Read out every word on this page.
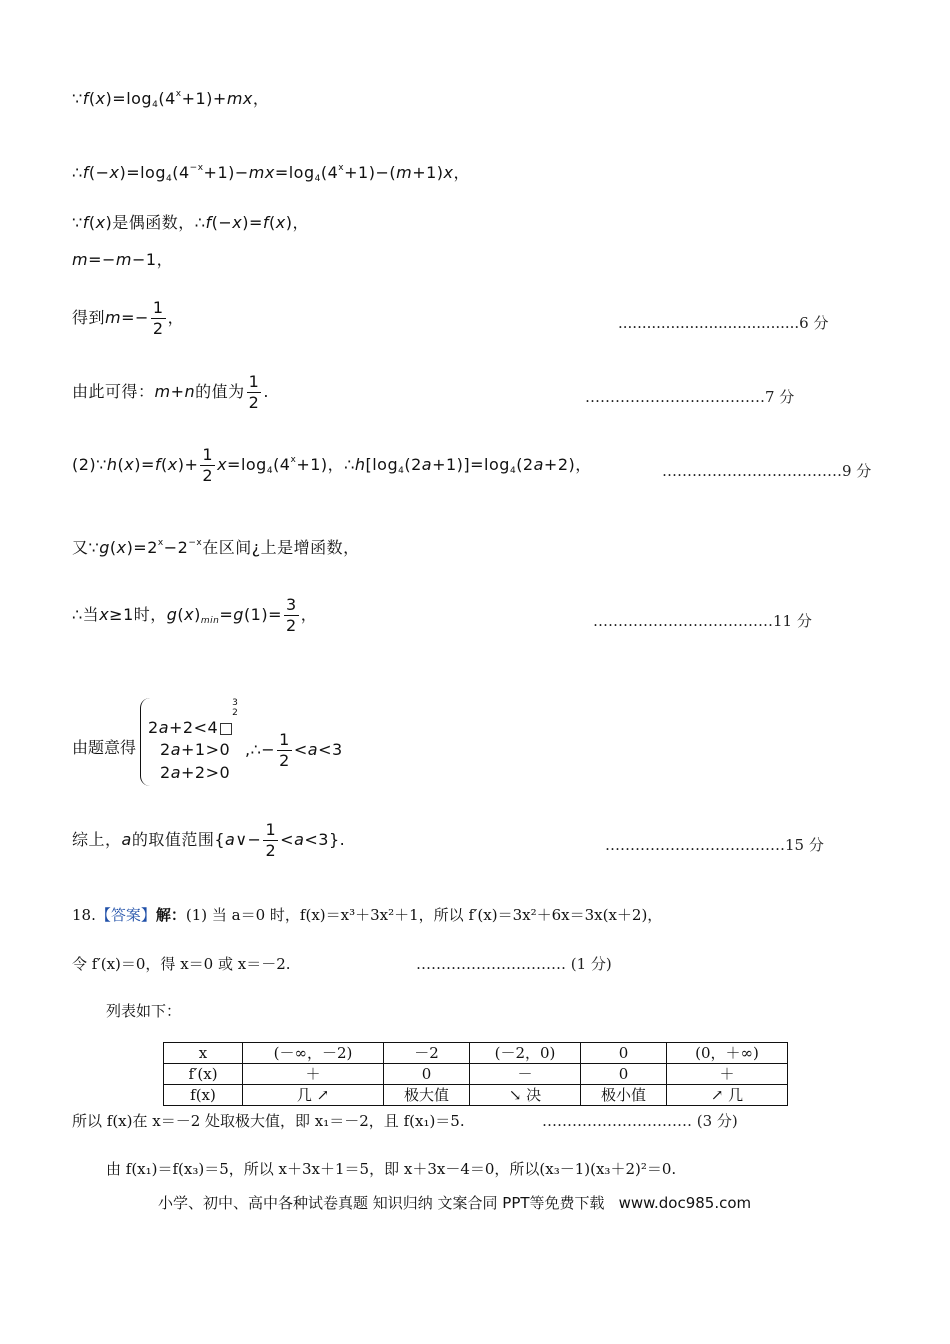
$\because f(x)=\log_4(4^x+1)+mx$，
$\therefore f(-x)=\log_4(4^{-x}+1)-mx=\log_4(4^x+1)-(m+1)x$，
∵f(x)是偶函数，∴f(−x)=f(x)，
m=−m−1，
得到$m=- \frac{1}{2}$ ，	......................................6 分
由此可得：m+n的值为 $\frac{1}{2}$ .	………………………………7 分
(2)∵h(x)=f(x)+ $\frac{1}{2} x=\log_4(4^x+1)$，$\therefore h[\log_4(2a+1)]=\log_4(2a+2)$，	………………………………9 分
又$\because g(x)=2^x-2^{-x}$在区间¿上是增函数，
∴当x≥1时，$g(x)_{min}=g(1)= \frac{3}{2}$ ，	………………………………11 分
由题意得
2a+2<43
2
2a+1>0
2a+2>0
,∴− $\frac{1}{2} <a<3$
综上，a的取值范围{a∨− $\frac{1}{2} <a<3$}.	………………………………15 分
18.【答案】解：(1) 当 a＝0 时，f(x)＝x³＋3x²＋1，所以 f′(x)＝3x²＋6x＝3x(x＋2)，
令 f′(x)＝0，得 x＝0 或 x＝－2.	………………………… (1 分)
列表如下：
x	(－∞，－2)	－2	(－2，0)	0	(0，＋∞)
f′(x)	＋	0	－	0	＋
f(x)	几 ↗	极大值	↘ 决	极小值	↗ 几
所以 f(x)在 x＝－2 处取极大值，即 x₁＝－2，且 f(x₁)＝5.	………………………… (3 分)
由 f(x₁)＝f(x₃)＝5，所以 x＋3x＋1＝5，即 x＋3x－4＝0，所以(x₃－1)(x₃＋2)²＝0.
小学、初中、高中各种试卷真题 知识归纳 文案合同 PPT等免费下载 www.doc985.com
